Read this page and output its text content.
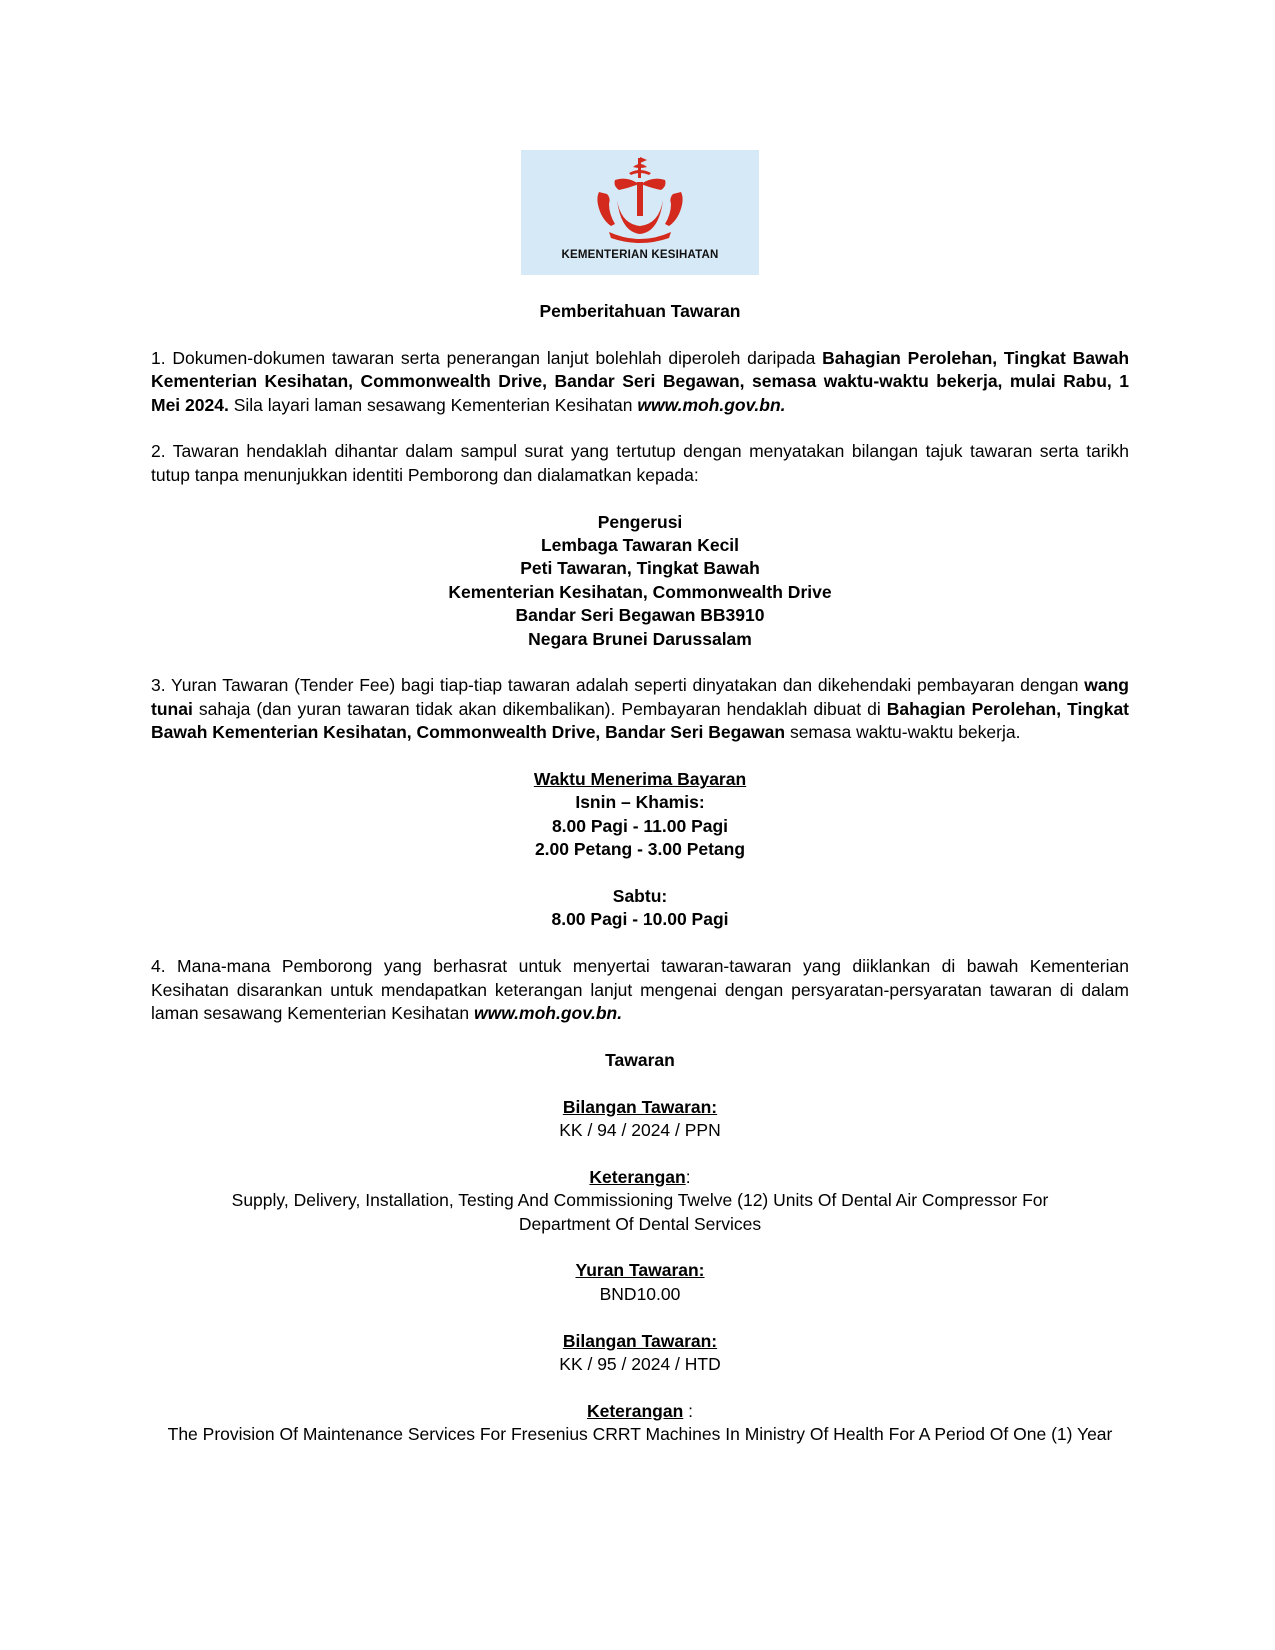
KEMENTERIAN KESIHATAN

Pemberitahuan Tawaran

1. Dokumen-dokumen tawaran serta penerangan lanjut bolehlah diperoleh daripada Bahagian Perolehan, Tingkat Bawah Kementerian Kesihatan, Commonwealth Drive, Bandar Seri Begawan, semasa waktu-waktu bekerja, mulai Rabu, 1 Mei 2024. Sila layari laman sesawang Kementerian Kesihatan www.moh.gov.bn.

2. Tawaran hendaklah dihantar dalam sampul surat yang tertutup dengan menyatakan bilangan tajuk tawaran serta tarikh tutup tanpa menunjukkan identiti Pemborong dan dialamatkan kepada:

Pengerusi
Lembaga Tawaran Kecil
Peti Tawaran, Tingkat Bawah
Kementerian Kesihatan, Commonwealth Drive
Bandar Seri Begawan BB3910
Negara Brunei Darussalam

3. Yuran Tawaran (Tender Fee) bagi tiap-tiap tawaran adalah seperti dinyatakan dan dikehendaki pembayaran dengan wang tunai sahaja (dan yuran tawaran tidak akan dikembalikan). Pembayaran hendaklah dibuat di Bahagian Perolehan, Tingkat Bawah Kementerian Kesihatan, Commonwealth Drive, Bandar Seri Begawan semasa waktu-waktu bekerja.

Waktu Menerima Bayaran
Isnin – Khamis:
8.00 Pagi - 11.00 Pagi
2.00 Petang - 3.00 Petang
Sabtu:
8.00 Pagi - 10.00 Pagi

4. Mana-mana Pemborong yang berhasrat untuk menyertai tawaran-tawaran yang diiklankan di bawah Kementerian Kesihatan disarankan untuk mendapatkan keterangan lanjut mengenai dengan persyaratan-persyaratan tawaran di dalam laman sesawang Kementerian Kesihatan www.moh.gov.bn.

Tawaran

Bilangan Tawaran:
KK / 94 / 2024 / PPN
Keterangan:
Supply, Delivery, Installation, Testing And Commissioning Twelve (12) Units Of Dental Air Compressor For Department Of Dental Services
Yuran Tawaran:
BND10.00
Bilangan Tawaran:
KK / 95 / 2024 / HTD
Keterangan :
The Provision Of Maintenance Services For Fresenius CRRT Machines In Ministry Of Health For A Period Of One (1) Year
